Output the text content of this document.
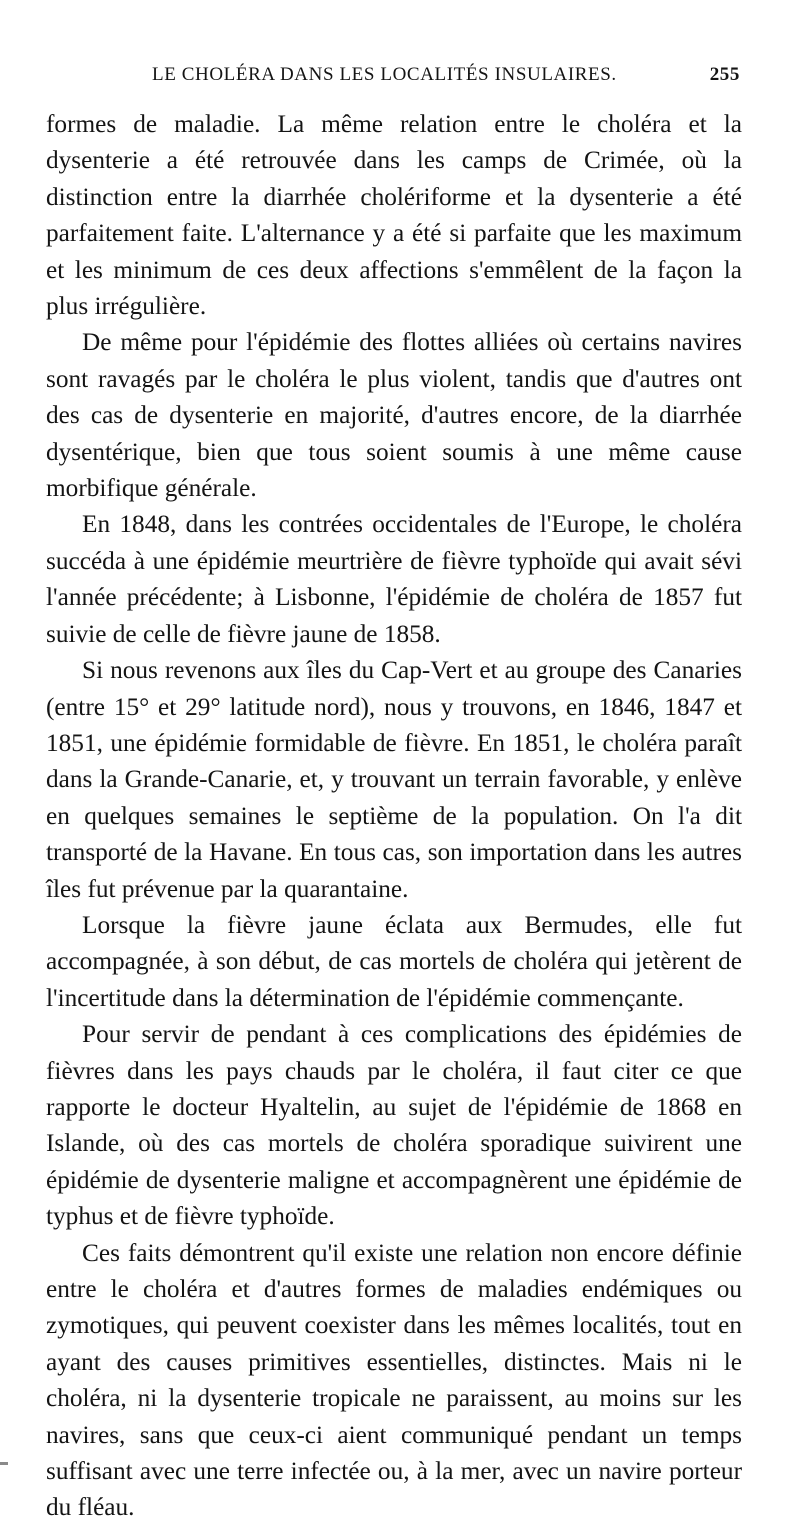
LE CHOLÉRA DANS LES LOCALITÉS INSULAIRES.	255

formes de maladie. La même relation entre le choléra et la dysenterie a été retrouvée dans les camps de Crimée, où la distinction entre la diarrhée cholériforme et la dysenterie a été parfaitement faite. L'alternance y a été si parfaite que les maximum et les minimum de ces deux affections s'emmêlent de la façon la plus irrégulière.

De même pour l'épidémie des flottes alliées où certains navires sont ravagés par le choléra le plus violent, tandis que d'autres ont des cas de dysenterie en majorité, d'autres encore, de la diarrhée dysentérique, bien que tous soient soumis à une même cause morbifique générale.

En 1848, dans les contrées occidentales de l'Europe, le choléra succéda à une épidémie meurtrière de fièvre typhoïde qui avait sévi l'année précédente; à Lisbonne, l'épidémie de choléra de 1857 fut suivie de celle de fièvre jaune de 1858.

Si nous revenons aux îles du Cap-Vert et au groupe des Canaries (entre 15° et 29° latitude nord), nous y trouvons, en 1846, 1847 et 1851, une épidémie formidable de fièvre. En 1851, le choléra paraît dans la Grande-Canarie, et, y trouvant un terrain favorable, y enlève en quelques semaines le septième de la population. On l'a dit transporté de la Havane. En tous cas, son importation dans les autres îles fut prévenue par la quarantaine.

Lorsque la fièvre jaune éclata aux Bermudes, elle fut accompagnée, à son début, de cas mortels de choléra qui jetèrent de l'incertitude dans la détermination de l'épidémie commençante.

Pour servir de pendant à ces complications des épidémies de fièvres dans les pays chauds par le choléra, il faut citer ce que rapporte le docteur Hyaltelin, au sujet de l'épidémie de 1868 en Islande, où des cas mortels de choléra sporadique suivirent une épidémie de dysenterie maligne et accompagnèrent une épidémie de typhus et de fièvre typhoïde.

Ces faits démontrent qu'il existe une relation non encore définie entre le choléra et d'autres formes de maladies endémiques ou zymotiques, qui peuvent coexister dans les mêmes localités, tout en ayant des causes primitives essentielles, distinctes. Mais ni le choléra, ni la dysenterie tropicale ne paraissent, au moins sur les navires, sans que ceux-ci aient communiqué pendant un temps suffisant avec une terre infectée ou, à la mer, avec un navire porteur du fléau.
